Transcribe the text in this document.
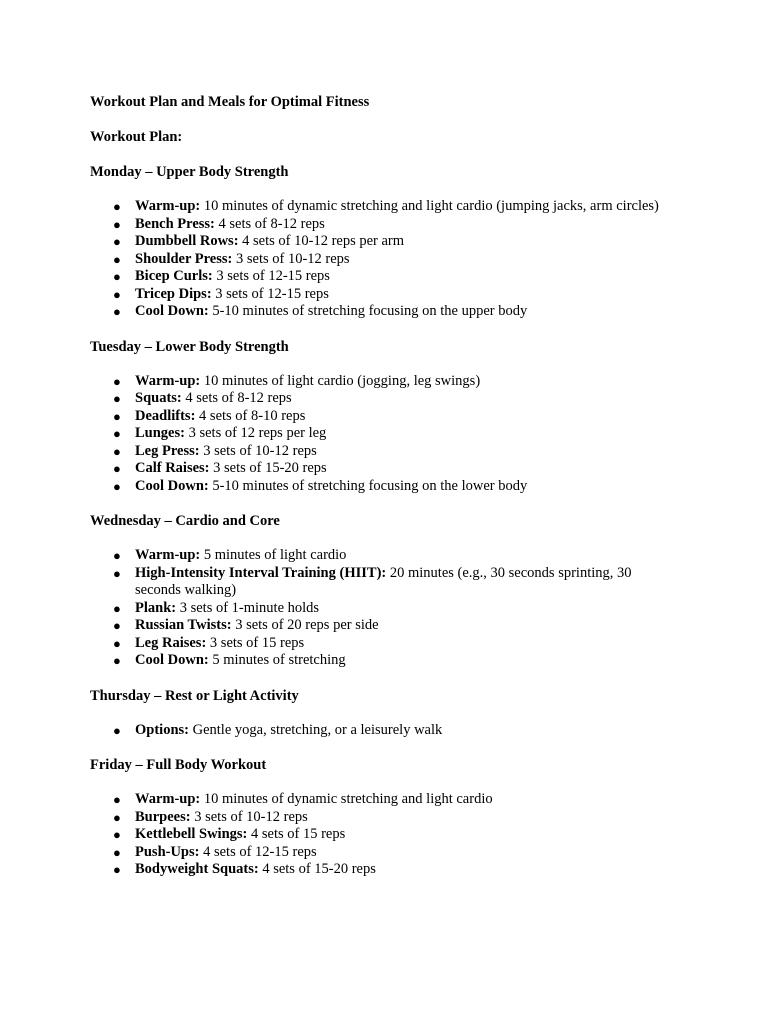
Workout Plan and Meals for Optimal Fitness

Workout Plan:

Monday – Upper Body Strength

● Warm-up: 10 minutes of dynamic stretching and light cardio (jumping jacks, arm circles)
● Bench Press: 4 sets of 8-12 reps
● Dumbbell Rows: 4 sets of 10-12 reps per arm
● Shoulder Press: 3 sets of 10-12 reps
● Bicep Curls: 3 sets of 12-15 reps
● Tricep Dips: 3 sets of 12-15 reps
● Cool Down: 5-10 minutes of stretching focusing on the upper body

Tuesday – Lower Body Strength

● Warm-up: 10 minutes of light cardio (jogging, leg swings)
● Squats: 4 sets of 8-12 reps
● Deadlifts: 4 sets of 8-10 reps
● Lunges: 3 sets of 12 reps per leg
● Leg Press: 3 sets of 10-12 reps
● Calf Raises: 3 sets of 15-20 reps
● Cool Down: 5-10 minutes of stretching focusing on the lower body

Wednesday – Cardio and Core

● Warm-up: 5 minutes of light cardio
● High-Intensity Interval Training (HIIT): 20 minutes (e.g., 30 seconds sprinting, 30 seconds walking)
● Plank: 3 sets of 1-minute holds
● Russian Twists: 3 sets of 20 reps per side
● Leg Raises: 3 sets of 15 reps
● Cool Down: 5 minutes of stretching

Thursday – Rest or Light Activity

● Options: Gentle yoga, stretching, or a leisurely walk

Friday – Full Body Workout

● Warm-up: 10 minutes of dynamic stretching and light cardio
● Burpees: 3 sets of 10-12 reps
● Kettlebell Swings: 4 sets of 15 reps
● Push-Ups: 4 sets of 12-15 reps
● Bodyweight Squats: 4 sets of 15-20 reps
